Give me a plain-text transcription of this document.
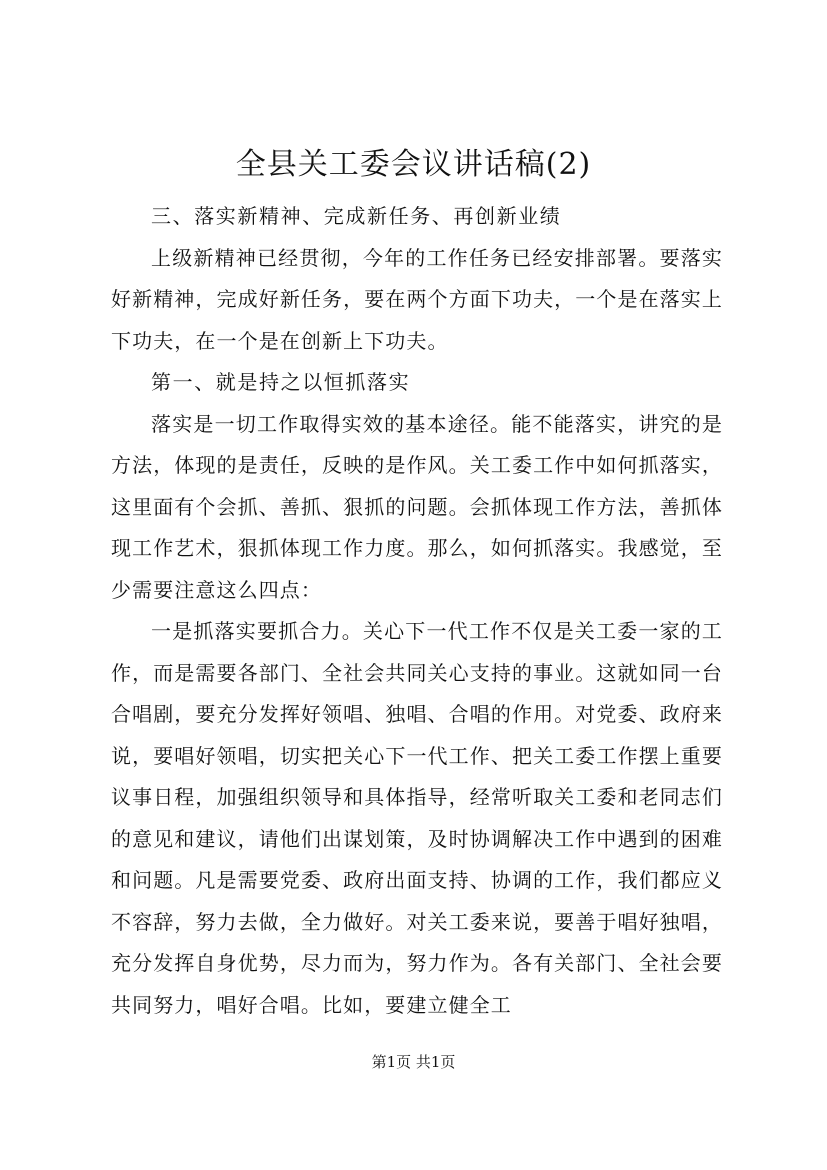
全县关工委会议讲话稿(2)

三、落实新精神、完成新任务、再创新业绩

上级新精神已经贯彻，今年的工作任务已经安排部署。要落实好新精神，完成好新任务，要在两个方面下功夫，一个是在落实上下功夫，在一个是在创新上下功夫。

第一、就是持之以恒抓落实

落实是一切工作取得实效的基本途径。能不能落实，讲究的是方法，体现的是责任，反映的是作风。关工委工作中如何抓落实，这里面有个会抓、善抓、狠抓的问题。会抓体现工作方法，善抓体现工作艺术，狠抓体现工作力度。那么，如何抓落实。我感觉，至少需要注意这么四点：

一是抓落实要抓合力。关心下一代工作不仅是关工委一家的工作，而是需要各部门、全社会共同关心支持的事业。这就如同一台合唱剧，要充分发挥好领唱、独唱、合唱的作用。对党委、政府来说，要唱好领唱，切实把关心下一代工作、把关工委工作摆上重要议事日程，加强组织领导和具体指导，经常听取关工委和老同志们的意见和建议，请他们出谋划策，及时协调解决工作中遇到的困难和问题。凡是需要党委、政府出面支持、协调的工作，我们都应义不容辞，努力去做，全力做好。对关工委来说，要善于唱好独唱，充分发挥自身优势，尽力而为，努力作为。各有关部门、全社会要共同努力，唱好合唱。比如，要建立健全工

第1页 共1页
